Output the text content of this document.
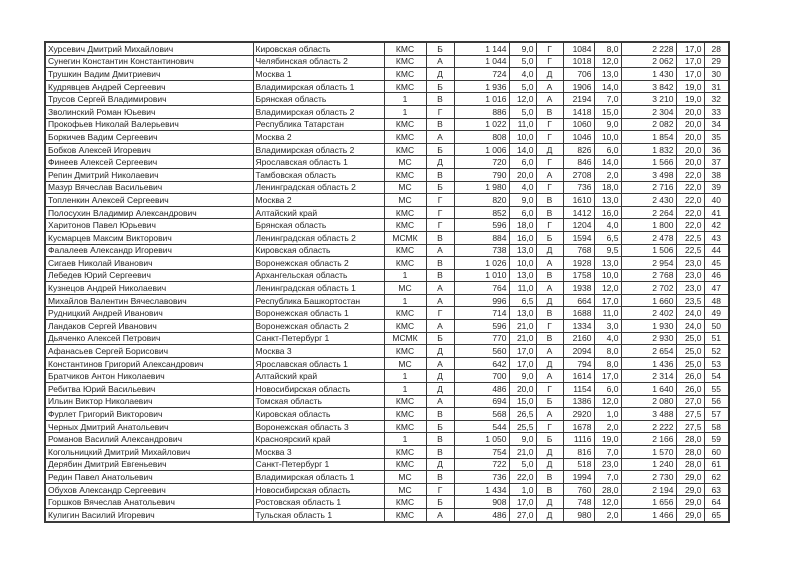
Хурсевич Дмитрий Михайлович	Кировская область	КМС	Б	1 144	9,0	Г	1084	8,0	2 228	17,0	28
Сунегин Константин Константинович	Челябинская область 2	КМС	А	1 044	5,0	Г	1018	12,0	2 062	17,0	29
Трушкин Вадим Дмитриевич	Москва 1	КМС	Д	724	4,0	Д	706	13,0	1 430	17,0	30
Кудрявцев Андрей Сергеевич	Владимирская область 1	КМС	Б	1 936	5,0	А	1906	14,0	3 842	19,0	31
Трусов Сергей Владимирович	Брянская область	1	В	1 016	12,0	А	2194	7,0	3 210	19,0	32
Зволинский Роман Юьевич	Владимирская область 2	1	Г	886	5,0	В	1418	15,0	2 304	20,0	33
Прокофьев Николай Валерьевич	Республика Татарстан	КМС	В	1 022	11,0	Г	1060	9,0	2 082	20,0	34
Боркичев Вадим Сергеевич	Москва 2	КМС	А	808	10,0	Г	1046	10,0	1 854	20,0	35
Бобков Алексей Игоревич	Владимирская область 2	КМС	Б	1 006	14,0	Д	826	6,0	1 832	20,0	36
Финеев Алексей Сергеевич	Ярославская область 1	МС	Д	720	6,0	Г	846	14,0	1 566	20,0	37
Репин Дмитрий Николаевич	Тамбовская область	КМС	В	790	20,0	А	2708	2,0	3 498	22,0	38
Мазур Вячеслав Васильевич	Ленинградская область 2	МС	Б	1 980	4,0	Г	736	18,0	2 716	22,0	39
Топленкин Алексей Сергеевич	Москва 2	МС	Г	820	9,0	В	1610	13,0	2 430	22,0	40
Полосухин Владимир Александрович	Алтайский край	КМС	Г	852	6,0	В	1412	16,0	2 264	22,0	41
Харитонов Павел Юрьевич	Брянская область	КМС	Г	596	18,0	Г	1204	4,0	1 800	22,0	42
Кусмарцев Максим Викторович	Ленинградская область 2	МСМК	В	884	16,0	Б	1594	6,5	2 478	22,5	43
Фалалеев Александр Игоревич	Кировская область	КМС	А	738	13,0	Д	768	9,5	1 506	22,5	44
Сигаев Николай Иванович	Воронежская область 2	КМС	В	1 026	10,0	А	1928	13,0	2 954	23,0	45
Лебедев Юрий Сергеевич	Архангельская область	1	В	1 010	13,0	В	1758	10,0	2 768	23,0	46
Кузнецов Андрей Николаевич	Ленинградская область 1	МС	А	764	11,0	А	1938	12,0	2 702	23,0	47
Михайлов Валентин Вячеславович	Республика Башкортостан	1	А	996	6,5	Д	664	17,0	1 660	23,5	48
Рудницкий Андрей Иванович	Воронежская область 1	КМС	Г	714	13,0	В	1688	11,0	2 402	24,0	49
Ландаков Сергей Иванович	Воронежская область 2	КМС	А	596	21,0	Г	1334	3,0	1 930	24,0	50
Дьяченко Алексей Петрович	Санкт-Петербург 1	МСМК	Б	770	21,0	В	2160	4,0	2 930	25,0	51
Афанасьев Сергей Борисович	Москва 3	КМС	Д	560	17,0	А	2094	8,0	2 654	25,0	52
Константинов Григорий Александрович	Ярославская область 1	МС	А	642	17,0	Д	794	8,0	1 436	25,0	53
Братчиков Антон Николаевич	Алтайский край	1	Д	700	9,0	А	1614	17,0	2 314	26,0	54
Ребитва Юрий Васильевич	Новосибирская область	1	Д	486	20,0	Г	1154	6,0	1 640	26,0	55
Ильин Виктор Николаевич	Томская область	КМС	А	694	15,0	Б	1386	12,0	2 080	27,0	56
Фурлет Григорий Викторович	Кировская область	КМС	В	568	26,5	А	2920	1,0	3 488	27,5	57
Черных Дмитрий Анатольевич	Воронежская область 3	КМС	Б	544	25,5	Г	1678	2,0	2 222	27,5	58
Романов Василий Александрович	Красноярский край	1	В	1 050	9,0	Б	1116	19,0	2 166	28,0	59
Когольницкий Дмитрий Михайлович	Москва 3	КМС	В	754	21,0	Д	816	7,0	1 570	28,0	60
Дерябин Дмитрий Евгеньевич	Санкт-Петербург 1	КМС	Д	722	5,0	Д	518	23,0	1 240	28,0	61
Редин Павел Анатольевич	Владимирская область 1	МС	В	736	22,0	В	1994	7,0	2 730	29,0	62
Обухов Александр Сергеевич	Новосибирская область	МС	Г	1 434	1,0	В	760	28,0	2 194	29,0	63
Горшков Вячеслав Анатольевич	Ростовская область 1	КМС	Б	908	17,0	Д	748	12,0	1 656	29,0	64
Кулигин Василий Игоревич	Тульская область 1	КМС	А	486	27,0	Д	980	2,0	1 466	29,0	65
